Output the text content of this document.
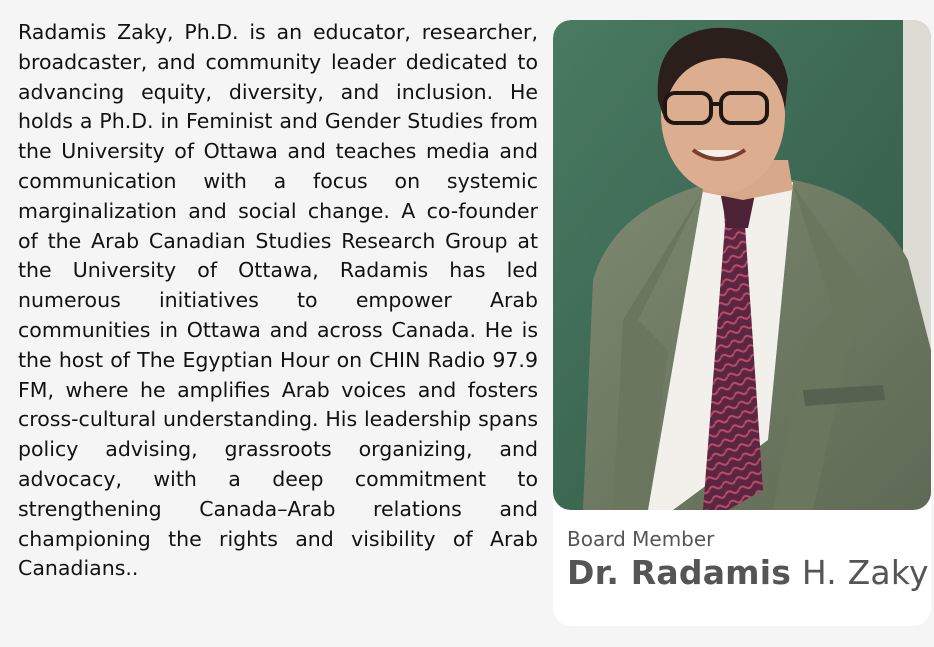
Radamis Zaky, Ph.D. is an educator, researcher, broadcaster, and community leader dedicated to advancing equity, diversity, and inclusion. He holds a Ph.D. in Feminist and Gender Studies from the University of Ottawa and teaches media and communication with a focus on systemic marginalization and social change. A co-founder of the Arab Canadian Studies Research Group at the University of Ottawa, Radamis has led numerous initiatives to empower Arab communities in Ottawa and across Canada. He is the host of The Egyptian Hour on CHIN Radio 97.9 FM, where he amplifies Arab voices and fosters cross-cultural understanding. His leadership spans policy advising, grassroots organizing, and advocacy, with a deep commitment to strengthening Canada–Arab relations and championing the rights and visibility of Arab Canadians..

Board Member
Dr. Radamis H. Zaky
